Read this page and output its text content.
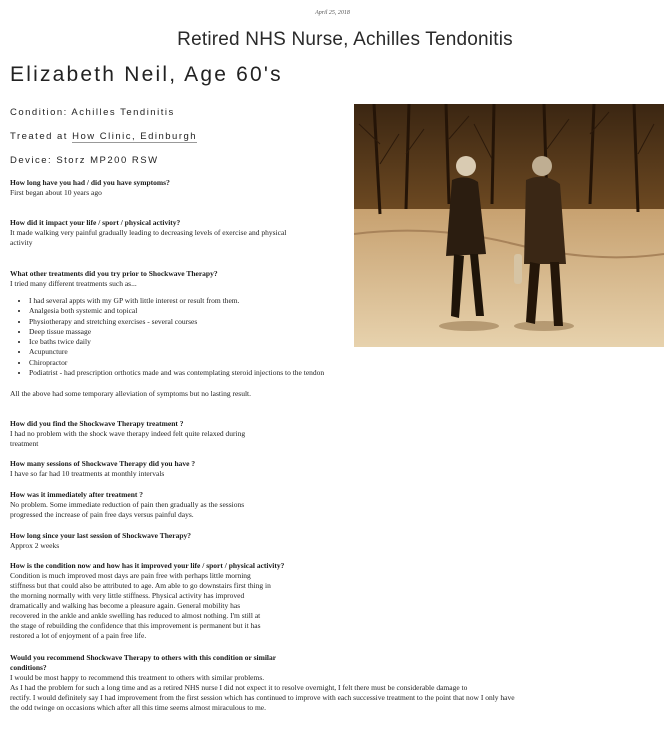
April 25, 2018
Retired NHS Nurse, Achilles Tendonitis
Elizabeth Neil, Age 60's
Condition: Achilles Tendinitis
Treated at How Clinic, Edinburgh
Device: Storz MP200 RSW
How long have you had / did you have symptoms?
First began about 10 years ago
How did it impact your life / sport / physical activity?
It made walking very painful gradually leading to decreasing levels of exercise and physical
activity
What other treatments did you try prior to Shockwave Therapy?
I tried many different treatments such as...
• I had several appts with my GP with little interest or result from them.
• Analgesia both systemic and topical
• Physiotherapy and stretching exercises - several courses
• Deep tissue massage
• Ice baths twice daily
• Acupuncture
• Chiropractor
• Podiatrist - had prescription orthotics made and was contemplating steroid injections to the tendon
All the above had some temporary alleviation of symptoms but no lasting result.
How did you find the Shockwave Therapy treatment ?
I had no problem with the shock wave therapy indeed felt quite relaxed during
treatment
How many sessions of Shockwave Therapy did you have ?
I have so far had 10 treatments at monthly intervals
How was it immediately after treatment ?
No problem. Some immediate reduction of pain then gradually as the sessions
progressed the increase of pain free days versus painful days.
How long since your last session of Shockwave Therapy?
Approx 2 weeks
How is the condition now and how has it improved your life / sport / physical activity?
Condition is much improved most days are pain free with perhaps little morning
stiffness but that could also be attributed to age. Am able to go downstairs first thing in
the morning normally with very little stiffness. Physical activity has improved
dramatically and walking has become a pleasure again. General mobility has
recovered in the ankle and ankle swelling has reduced to almost nothing. I'm still at
the stage of rebuilding the confidence that this improvement is permanent but it has
restored a lot of enjoyment of a pain free life.
Would you recommend Shockwave Therapy to others with this condition or similar
conditions?
I would be most happy to recommend this treatment to others with similar problems.
As I had the problem for such a long time and as a retired NHS nurse I did not expect it to resolve overnight, I felt there must be considerable damage to
rectify. I would definitely say I had improvement from the first session which has continued to improve with each successive treatment to the point that now I only have
the odd twinge on occasions which after all this time seems almost miraculous to me.
